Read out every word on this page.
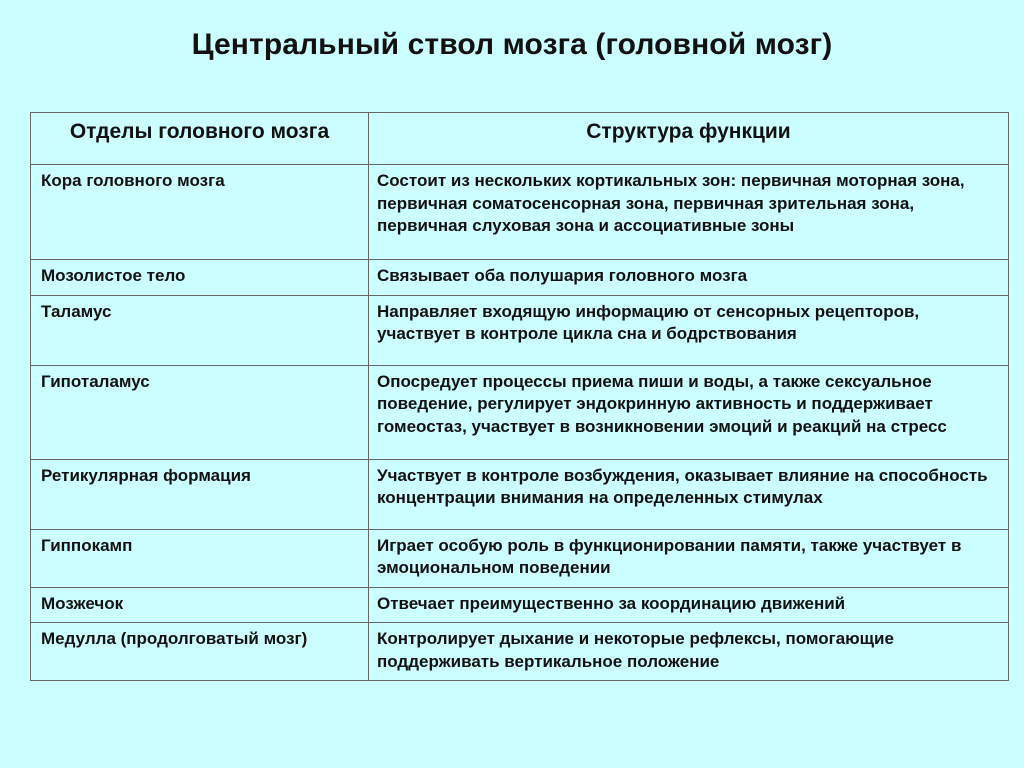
Центральный ствол мозга (головной мозг)
Отделы головного мозга	Структура функции
Кора головного мозга	Состоит из нескольких кортикальных зон: первичная моторная зона, первичная соматосенсорная зона, первичная зрительная зона, первичная слуховая зона и ассоциативные зоны
Мозолистое тело	Связывает оба полушария головного мозга
Таламус	Направляет входящую информацию от сенсорных рецепторов, участвует в контроле цикла сна и бодрствования
Гипоталамус	Опосредует процессы приема пиши и воды, а также сексуальное поведение, регулирует эндокринную активность и поддерживает гомеостаз, участвует в возникновении эмоций и реакций на стресс
Ретикулярная формация	Участвует в контроле возбуждения, оказывает влияние на способность концентрации внимания на определенных стимулах
Гиппокамп	Играет особую роль в функционировании памяти, также участвует в эмоциональном поведении
Мозжечок	Отвечает преимущественно за координацию движений
Медулла (продолговатый мозг)	Контролирует дыхание и некоторые рефлексы, помогающие поддерживать вертикальное положение
